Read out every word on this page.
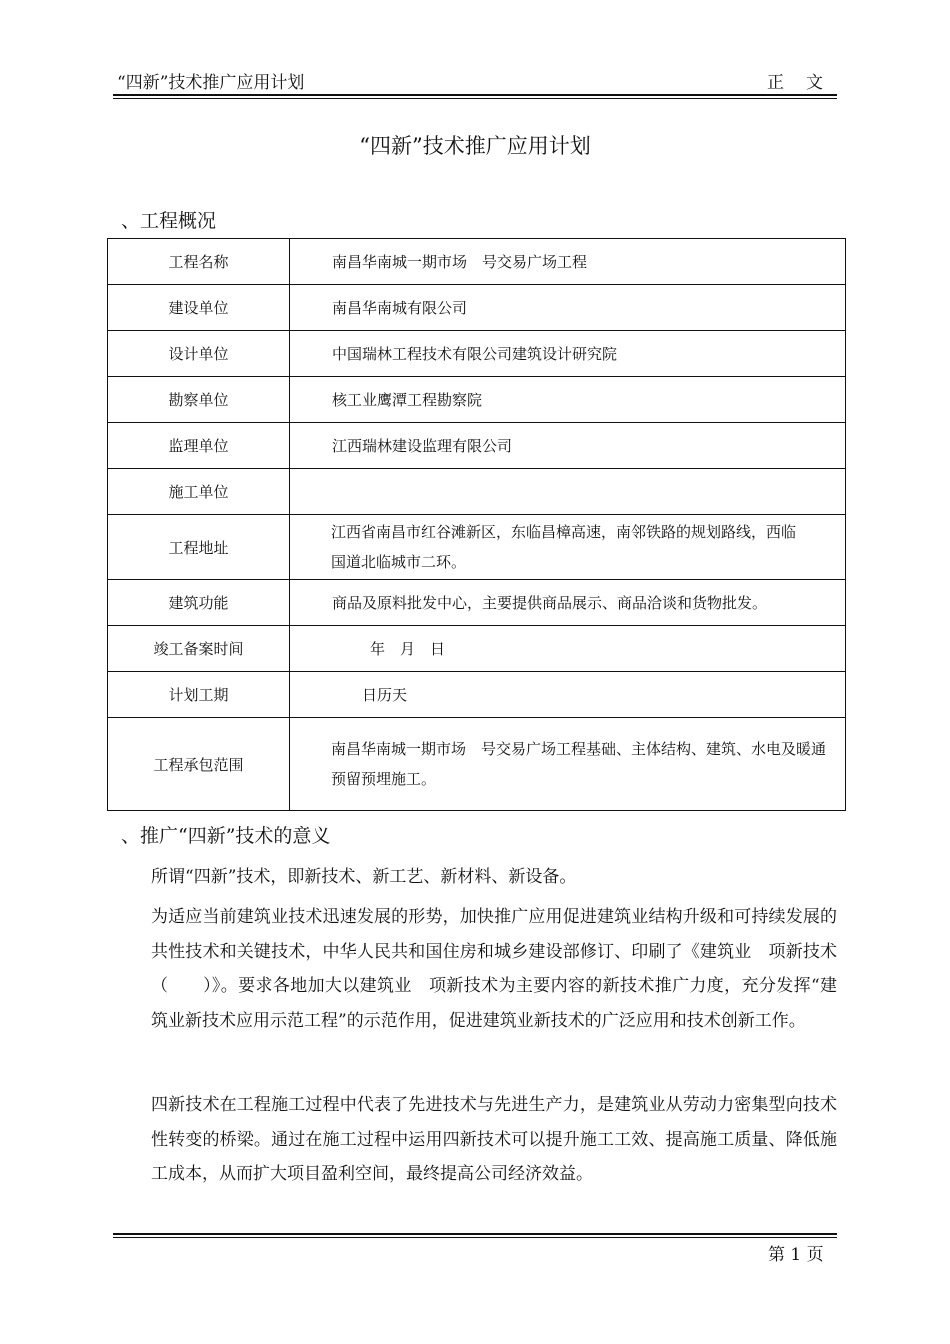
“四新”技术推广应用计划	正文
“四新”技术推广应用计划
、工程概况
工程名称	南昌华南城一期市场　号交易广场工程
建设单位	南昌华南城有限公司
设计单位	中国瑞林工程技术有限公司建筑设计研究院
勘察单位	核工业鹰潭工程勘察院
监理单位	江西瑞林建设监理有限公司
施工单位	
工程地址	江西省南昌市红谷滩新区，东临昌樟高速，南邻铁路的规划路线，西临　　国道北临城市二环。

建筑功能	商品及原料批发中心，主要提供商品展示、商品洽谈和货物批发。
竣工备案时间	年　月　日
计划工期	日历天
工程承包范围	南昌华南城一期市场　号交易广场工程基础、主体结构、建筑、水电及暖通预留预埋施工。
、推广“四新”技术的意义
所谓“四新”技术，即新技术、新工艺、新材料、新设备。
为适应当前建筑业技术迅速发展的形势，加快推广应用促进建筑业结构升级和可持续发展的共性技术和关键技术，中华人民共和国住房和城乡建设部修订、印刷了《建筑业　项新技术（　　）》。要求各地加大以建筑业　项新技术为主要内容的新技术推广力度，充分发挥“建筑业新技术应用示范工程”的示范作用，促进建筑业新技术的广泛应用和技术创新工作。
四新技术在工程施工过程中代表了先进技术与先进生产力，是建筑业从劳动力密集型向技术性转变的桥梁。通过在施工过程中运用四新技术可以提升施工工效、提高施工质量、降低施工成本，从而扩大项目盈利空间，最终提高公司经济效益。
第 1 页
